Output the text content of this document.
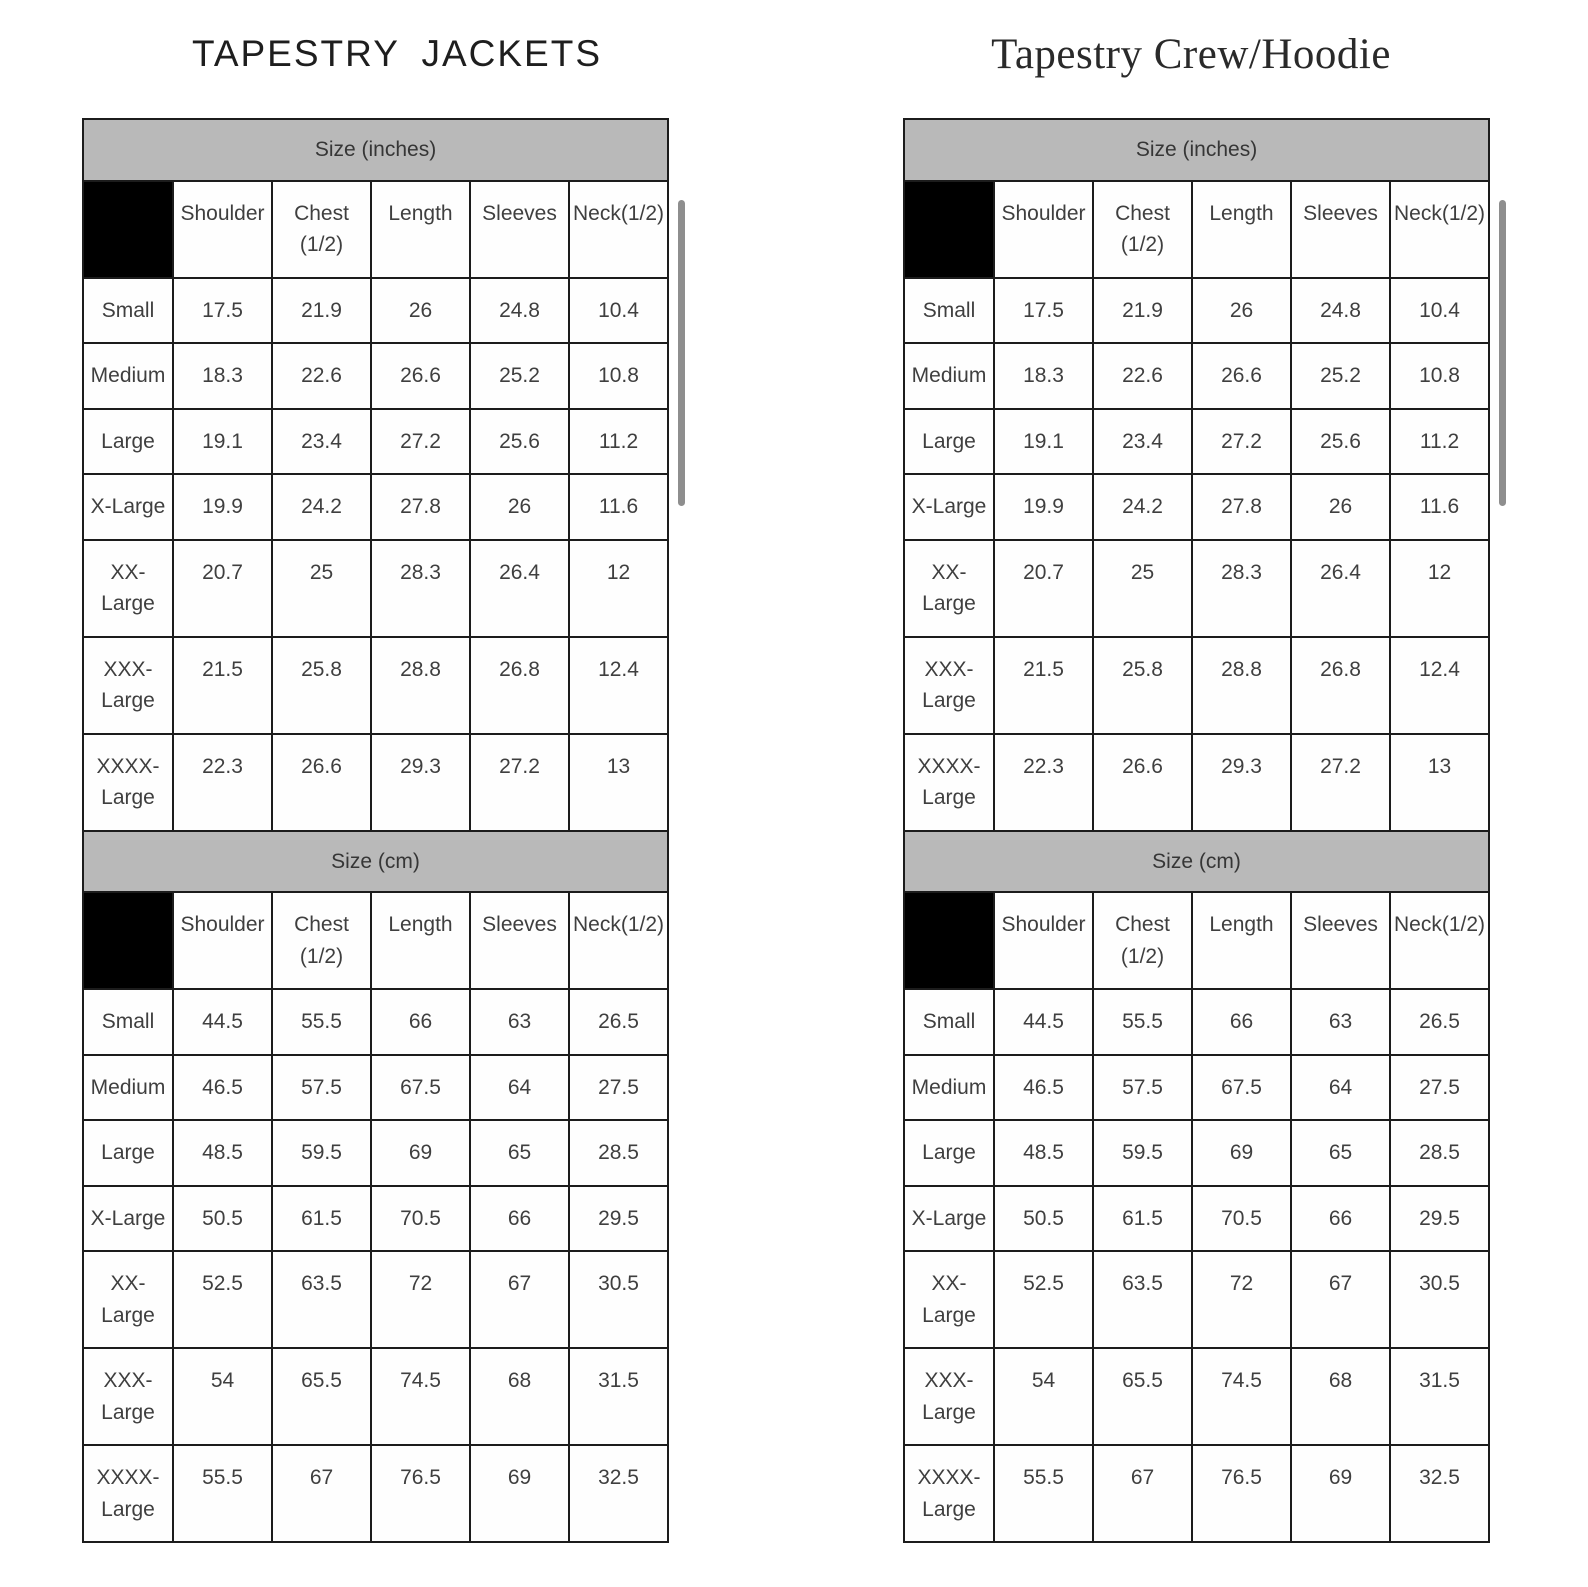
TAPESTRY JACKETS
Size (inches)					
	Shoulder	Chest (1/2)	Length	Sleeves	Neck(1/2)
Small	17.5	21.9	26	24.8	10.4
Medium	18.3	22.6	26.6	25.2	10.8
Large	19.1	23.4	27.2	25.6	11.2
X-Large	19.9	24.2	27.8	26	11.6
XX-Large	20.7	25	28.3	26.4	12
XXX-Large	21.5	25.8	28.8	26.8	12.4
XXXX-Large	22.3	26.6	29.3	27.2	13
Size (cm)					
	Shoulder	Chest (1/2)	Length	Sleeves	Neck(1/2)
Small	44.5	55.5	66	63	26.5
Medium	46.5	57.5	67.5	64	27.5
Large	48.5	59.5	69	65	28.5
X-Large	50.5	61.5	70.5	66	29.5
XX-Large	52.5	63.5	72	67	30.5
XXX-Large	54	65.5	74.5	68	31.5
XXXX-Large	55.5	67	76.5	69	32.5
Tapestry Crew/Hoodie
Size (inches)					
	Shoulder	Chest (1/2)	Length	Sleeves	Neck(1/2)
Small	17.5	21.9	26	24.8	10.4
Medium	18.3	22.6	26.6	25.2	10.8
Large	19.1	23.4	27.2	25.6	11.2
X-Large	19.9	24.2	27.8	26	11.6
XX-Large	20.7	25	28.3	26.4	12
XXX-Large	21.5	25.8	28.8	26.8	12.4
XXXX-Large	22.3	26.6	29.3	27.2	13
Size (cm)					
	Shoulder	Chest (1/2)	Length	Sleeves	Neck(1/2)
Small	44.5	55.5	66	63	26.5
Medium	46.5	57.5	67.5	64	27.5
Large	48.5	59.5	69	65	28.5
X-Large	50.5	61.5	70.5	66	29.5
XX-Large	52.5	63.5	72	67	30.5
XXX-Large	54	65.5	74.5	68	31.5
XXXX-Large	55.5	67	76.5	69	32.5
